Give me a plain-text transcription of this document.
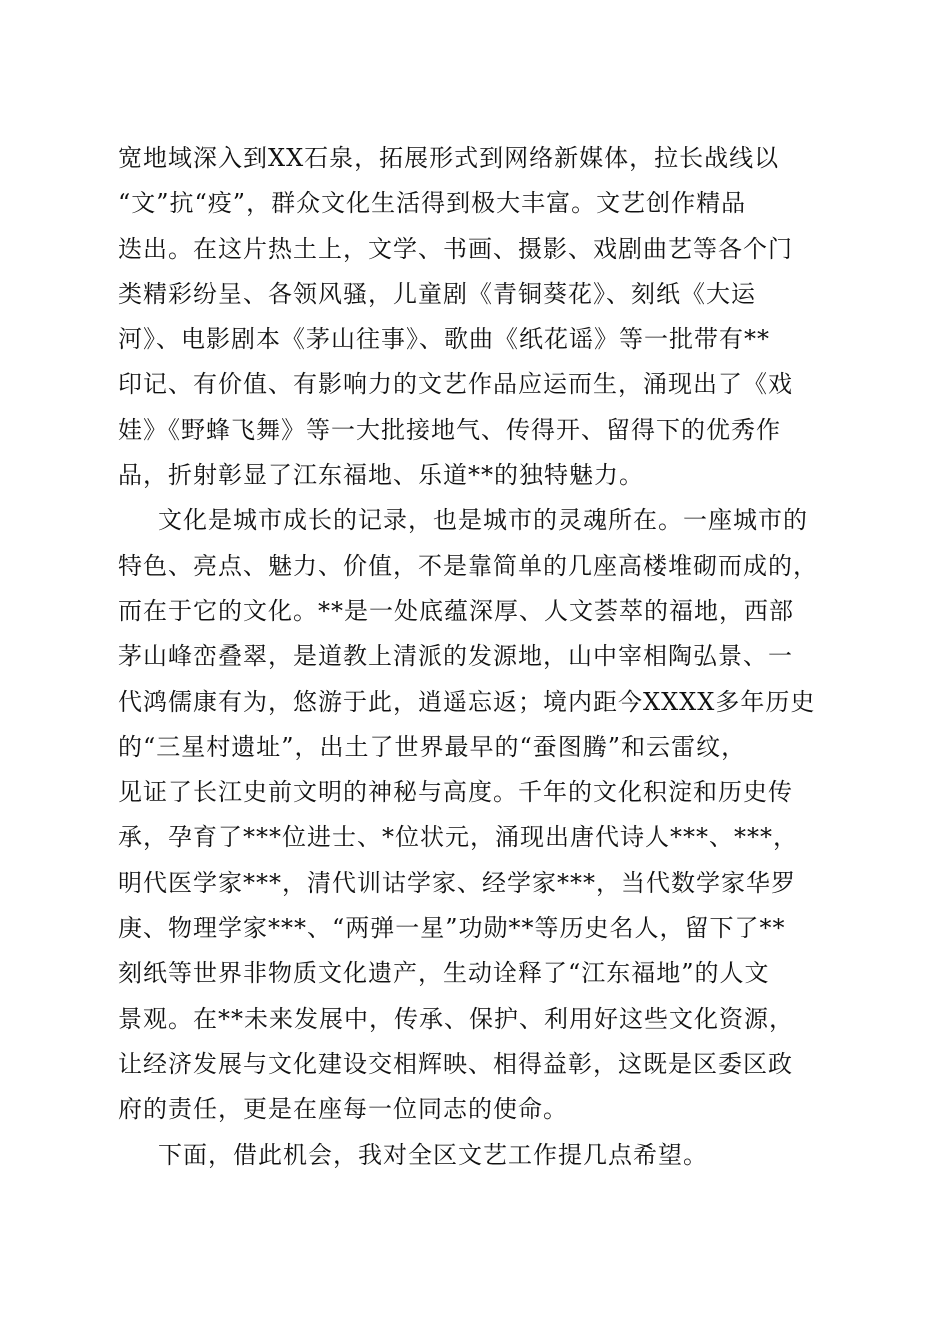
宽地域深入到XX石泉，拓展形式到网络新媒体，拉长战线以
“文”抗“疫”，群众文化生活得到极大丰富。文艺创作精品
迭出。在这片热土上，文学、书画、摄影、戏剧曲艺等各个门
类精彩纷呈、各领风骚，儿童剧《青铜葵花》、刻纸《大运
河》、电影剧本《茅山往事》、歌曲《纸花谣》等一批带有**
印记、有价值、有影响力的文艺作品应运而生，涌现出了《戏
娃》《野蜂飞舞》等一大批接地气、传得开、留得下的优秀作
品，折射彰显了江东福地、乐道**的独特魅力。
文化是城市成长的记录，也是城市的灵魂所在。一座城市的
特色、亮点、魅力、价值，不是靠简单的几座高楼堆砌而成的，
而在于它的文化。**是一处底蕴深厚、人文荟萃的福地，西部
茅山峰峦叠翠，是道教上清派的发源地，山中宰相陶弘景、一
代鸿儒康有为，悠游于此，逍遥忘返；境内距今XXXX多年历史
的“三星村遗址”，出土了世界最早的“蚕图腾”和云雷纹，
见证了长江史前文明的神秘与高度。千年的文化积淀和历史传
承，孕育了***位进士、*位状元，涌现出唐代诗人***、***，
明代医学家***，清代训诂学家、经学家***，当代数学家华罗
庚、物理学家***、“两弹一星”功勋**等历史名人，留下了**
刻纸等世界非物质文化遗产，生动诠释了“江东福地”的人文
景观。在**未来发展中，传承、保护、利用好这些文化资源，
让经济发展与文化建设交相辉映、相得益彰，这既是区委区政
府的责任，更是在座每一位同志的使命。
下面，借此机会，我对全区文艺工作提几点希望。
